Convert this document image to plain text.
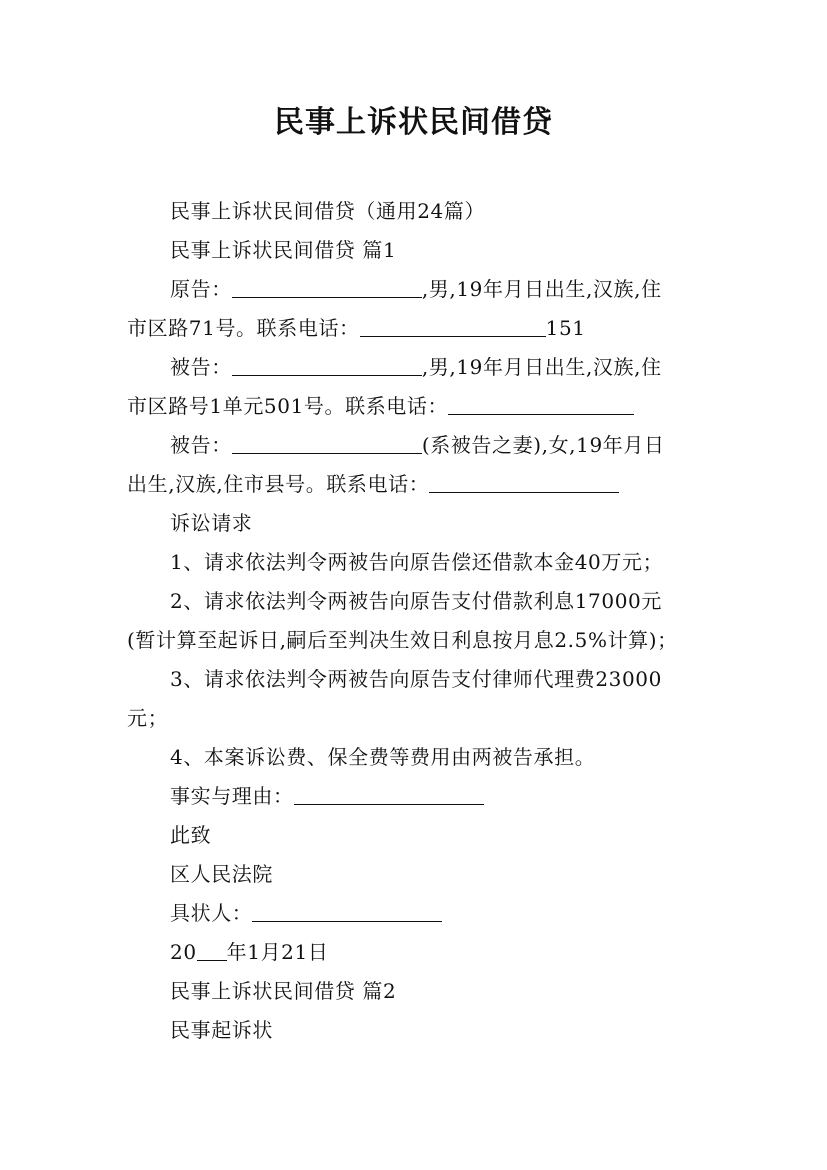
民事上诉状民间借贷
民事上诉状民间借贷（通用24篇）
民事上诉状民间借贷 篇1
原告：	,男,19年月日出生,汉族,住
市区路71号。联系电话：	151
被告：	,男,19年月日出生,汉族,住
市区路号1单元501号。联系电话：
被告：	(系被告之妻),女,19年月日
出生,汉族,住市县号。联系电话：
诉讼请求
1、请求依法判令两被告向原告偿还借款本金40万元；
2、请求依法判令两被告向原告支付借款利息17000元
(暂计算至起诉日,嗣后至判决生效日利息按月息2.5%计算)；
3、请求依法判令两被告向原告支付律师代理费23000
元；
4、本案诉讼费、保全费等费用由两被告承担。
事实与理由：
此致
区人民法院
具状人：
20 年1月21日
民事上诉状民间借贷 篇2
民事起诉状
